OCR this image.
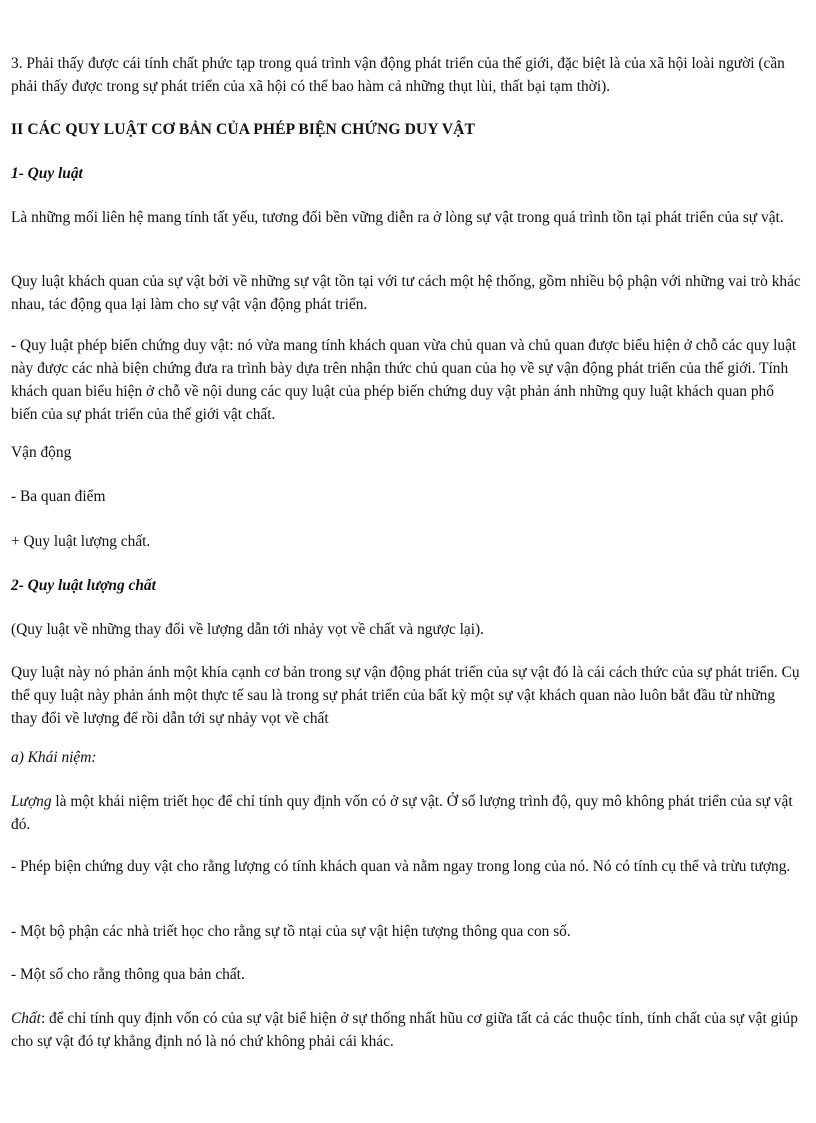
3. Phải thấy được cái tính chất phức tạp trong quá trình vận động phát triển của thế giới, đặc biệt là của xã hội loài người (cần phải thấy được trong sự phát triển của xã hội có thể bao hàm cả những thụt lùi, thất bại tạm thời).

II CÁC QUY LUẬT CƠ BẢN CỦA PHÉP BIỆN CHỨNG DUY VẬT

1- Quy luật

Là những mối liên hệ mang tính tất yếu, tương đối bền vững diễn ra ở lòng sự vật trong quá trình tồn tại phát triển của sự vật.

Quy luật khách quan của sự vật bởi về những sự vật tồn tại với tư cách một hệ thống, gồm nhiều bộ phận với những vai trò khác nhau, tác động qua lại làm cho sự vật vận động phát triển.

- Quy luật phép biến chứng duy vật: nó vừa mang tính khách quan vừa chủ quan và chủ quan được biểu hiện ở chỗ các quy luật này được các nhà biện chứng đưa ra trình bày dựa trên nhận thức chủ quan của họ về sự vận động phát triển của thế giới. Tính khách quan biểu hiện ở chỗ về nội dung các quy luật của phép biến chứng duy vật phản ánh những quy luật khách quan phổ biến của sự phát triển của thế giới vật chất.

Vận động

- Ba quan điểm

+ Quy luật lượng chất.

2- Quy luật lượng chất

(Quy luật về những thay đổi về lượng dẫn tới nhảy vọt về chất và ngược lại).

Quy luật này nó phản ánh một khía cạnh cơ bản trong sự vận động phát triển của sự vật đó là cái cách thức của sự phát triển. Cụ thể quy luật này phản ánh một thực tế sau là trong sự phát triển của bất kỳ một sự vật khách quan nào luôn bắt đầu từ những thay đổi về lượng để rồi dẫn tới sự nhảy vọt về chất

a) Khái niệm:

Lượng là một khái niệm triết học để chỉ tính quy định vốn có ở sự vật. Ở số lượng trình độ, quy mô không phát triển của sự vật đó.

- Phép biện chứng duy vật cho rằng lượng có tính khách quan và nằm ngay trong long của nó. Nó có tính cụ thể và trừu tượng.

- Một bộ phận các nhà triết học cho rằng sự tồ ntại của sự vật hiện tượng thông qua con số.

- Một số cho rằng thông qua bản chất.

Chất: để chỉ tính quy định vốn có của sự vật biể hiện ở sự thống nhất hũu cơ giữa tất cả các thuộc tính, tính chất của sự vật giúp cho sự vật đó tự khẳng định nó là nó chứ không phải cái khác.
